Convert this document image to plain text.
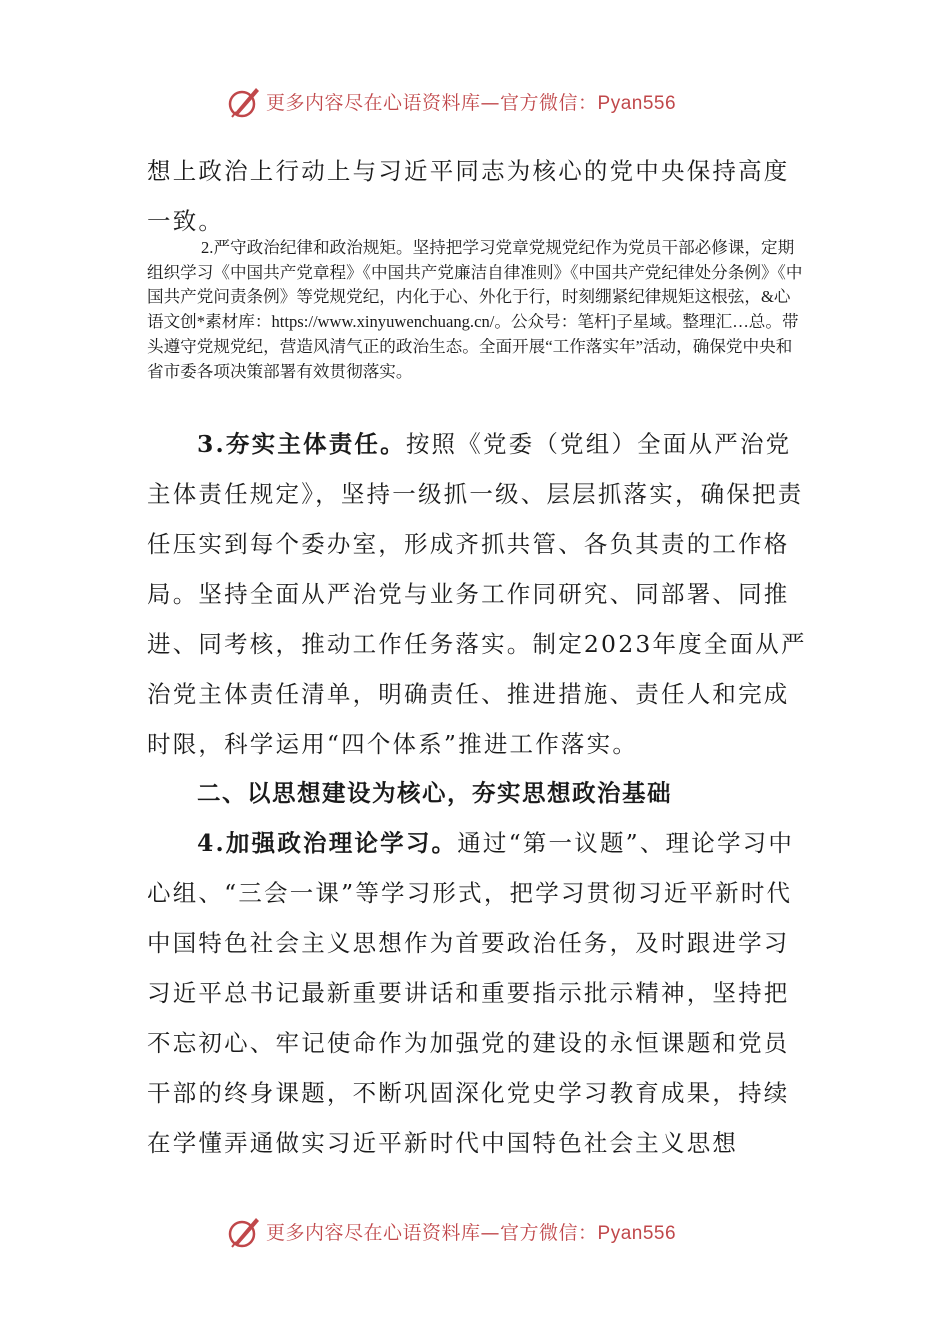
更多内容尽在心语资料库—官方微信：Pyan556

想上政治上行动上与习近平同志为核心的党中央保持高度一致。

2.严守政治纪律和政治规矩。坚持把学习党章党规党纪作为党员干部必修课，定期组织学习《中国共产党章程》《中国共产党廉洁自律准则》《中国共产党纪律处分条例》《中国共产党问责条例》等党规党纪，内化于心、外化于行，时刻绷紧纪律规矩这根弦，&心语文创*素材库：https://www.xinyuwenchuang.cn/。公众号：笔杆]子星域。整理汇…总。带头遵守党规党纪，营造风清气正的政治生态。全面开展“工作落实年”活动，确保党中央和省市委各项决策部署有效贯彻落实。

3.夯实主体责任。按照《党委（党组）全面从严治党主体责任规定》，坚持一级抓一级、层层抓落实，确保把责任压实到每个委办室，形成齐抓共管、各负其责的工作格局。坚持全面从严治党与业务工作同研究、同部署、同推进、同考核，推动工作任务落实。制定2023年度全面从严治党主体责任清单，明确责任、推进措施、责任人和完成时限，科学运用“四个体系”推进工作落实。

二、以思想建设为核心，夯实思想政治基础

4.加强政治理论学习。通过“第一议题”、理论学习中心组、“三会一课”等学习形式，把学习贯彻习近平新时代中国特色社会主义思想作为首要政治任务，及时跟进学习习近平总书记最新重要讲话和重要指示批示精神，坚持把不忘初心、牢记使命作为加强党的建设的永恒课题和党员干部的终身课题，不断巩固深化党史学习教育成果，持续在学懂弄通做实习近平新时代中国特色社会主义思想

更多内容尽在心语资料库—官方微信：Pyan556
